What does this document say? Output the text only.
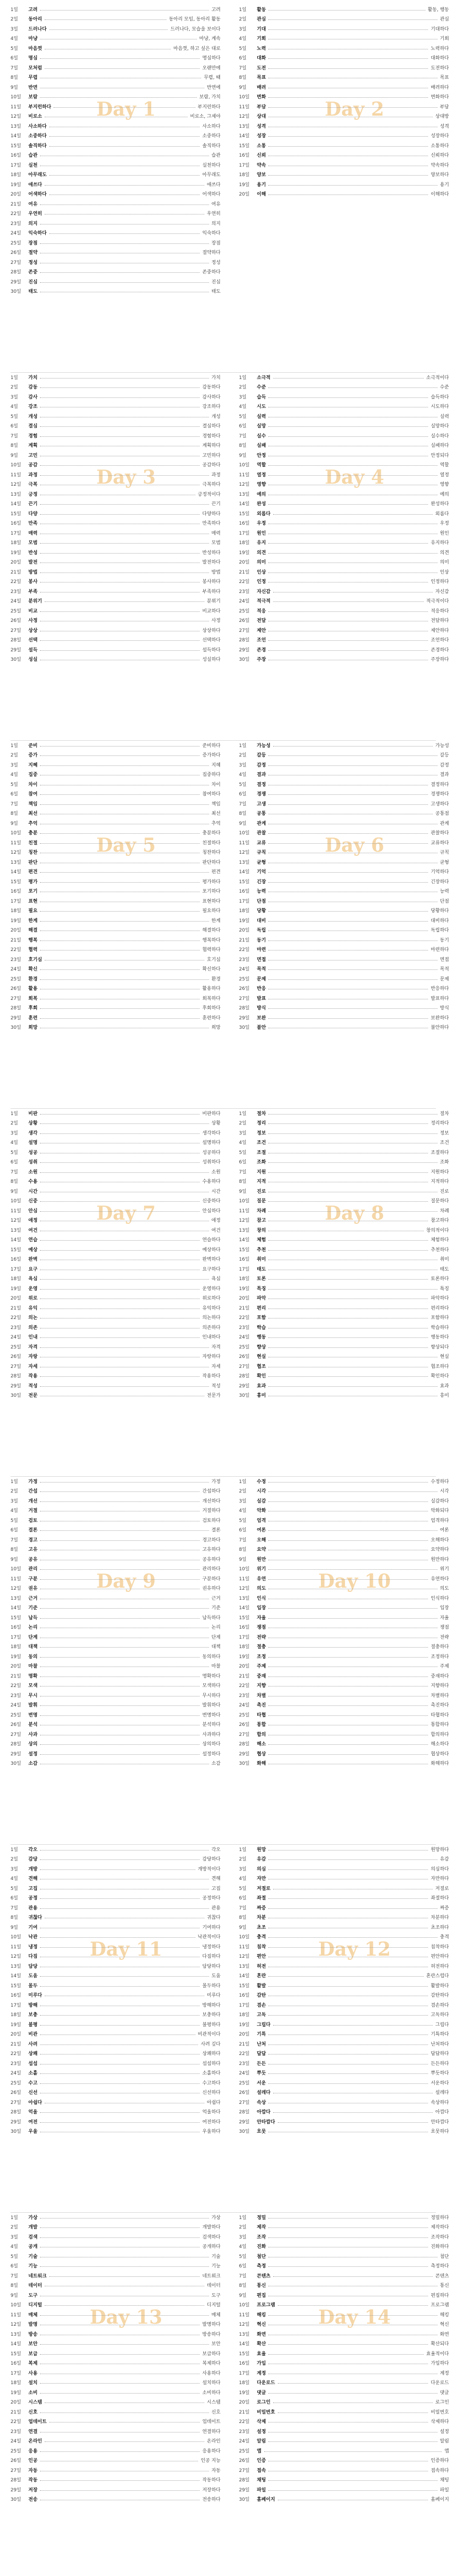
Day 1
1일	고려	고려
2일	동아리	동아리 모임, 동아리 활동
3일	드러나다	드러나다, 모습을 보이다
4일	마냥	마냥, 계속
5일	마음껏	마음껏, 하고 싶은 대로
6일	명심	명심하다
7일	모처럼	오랜만에
8일	무렵	무렵, 때
9일	반면	반면에
10일	보람	보람, 가치
11일	부지런하다	부지런하다
12일	비로소	비로소, 그제야
13일	사소하다	사소하다
14일	소중하다	소중하다
15일	솔직하다	솔직하다
16일	습관	습관
17일	실천	실천하다
18일	아무래도	아무래도
19일	애쓰다	애쓰다
20일	어색하다	어색하다
21일	여유	여유
22일	우연히	우연히
23일	의지	의지
24일	익숙하다	익숙하다
25일	장점	장점
26일	절약	절약하다
27일	정성	정성
28일	존중	존중하다
29일	진심	진심
30일	태도	태도
Day 2
1일	활동	활동, 행동
2일	관심	관심
3일	기대	기대하다
4일	기회	기회
5일	노력	노력하다
6일	대화	대화하다
7일	도전	도전하다
8일	목표	목표
9일	배려	배려하다
10일	변화	변화하다
11일	부담	부담
12일	상대	상대방
13일	성격	성격
14일	성장	성장하다
15일	소통	소통하다
16일	신뢰	신뢰하다
17일	약속	약속하다
18일	양보	양보하다
19일	용기	용기
20일	이해	이해하다
Day 3
1일	가치	가치
2일	감동	감동하다
3일	감사	감사하다
4일	강조	강조하다
5일	개성	개성
6일	결심	결심하다
7일	경험	경험하다
8일	계획	계획하다
9일	고민	고민하다
10일	공감	공감하다
11일	과정	과정
12일	극복	극복하다
13일	긍정	긍정적이다
14일	끈기	끈기
15일	다양	다양하다
16일	만족	만족하다
17일	매력	매력
18일	모범	모범
19일	반성	반성하다
20일	발전	발전하다
21일	방법	방법
22일	봉사	봉사하다
23일	부족	부족하다
24일	분위기	분위기
25일	비교	비교하다
26일	사정	사정
27일	상상	상상하다
28일	선택	선택하다
29일	설득	설득하다
30일	성실	성실하다
Day 4
1일	소극적	소극적이다
2일	수준	수준
3일	습득	습득하다
4일	시도	시도하다
5일	실력	실력
6일	실망	실망하다
7일	실수	실수하다
8일	실패	실패하다
9일	안정	안정되다
10일	역할	역할
11일	열정	열정
12일	영향	영향
13일	예의	예의
14일	완성	완성하다
15일	외롭다	외롭다
16일	우정	우정
17일	원인	원인
18일	유지	유지하다
19일	의견	의견
20일	의미	의미
21일	인상	인상
22일	인정	인정하다
23일	자신감	자신감
24일	적극적	적극적이다
25일	적응	적응하다
26일	전달	전달하다
27일	제안	제안하다
28일	조언	조언하다
29일	존경	존경하다
30일	주장	주장하다
Day 5
1일	준비	준비하다
2일	증가	증가하다
3일	지혜	지혜
4일	집중	집중하다
5일	차이	차이
6일	참여	참여하다
7일	책임	책임
8일	최선	최선
9일	추억	추억
10일	충분	충분하다
11일	친절	친절하다
12일	칭찬	칭찬하다
13일	판단	판단하다
14일	편견	편견
15일	평가	평가하다
16일	포기	포기하다
17일	표현	표현하다
18일	필요	필요하다
19일	한계	한계
20일	해결	해결하다
21일	행복	행복하다
22일	협력	협력하다
23일	호기심	호기심
24일	확신	확신하다
25일	환경	환경
26일	활용	활용하다
27일	회복	회복하다
28일	후회	후회하다
29일	훈련	훈련하다
30일	희망	희망
Day 6
1일	가능성	가능성
2일	갈등	갈등
3일	감정	감정
4일	결과	결과
5일	결정	결정하다
6일	경쟁	경쟁하다
7일	고생	고생하다
8일	공통	공통점
9일	관계	관계
10일	관찰	관찰하다
11일	교류	교류하다
12일	규칙	규칙
13일	균형	균형
14일	기억	기억하다
15일	긴장	긴장하다
16일	능력	능력
17일	단점	단점
18일	당황	당황하다
19일	대비	대비하다
20일	독립	독립하다
21일	동기	동기
22일	마련	마련하다
23일	면접	면접
24일	목적	목적
25일	문제	문제
26일	반응	반응하다
27일	발표	발표하다
28일	방식	방식
29일	보완	보완하다
30일	불안	불안하다
Day 7
1일	비판	비판하다
2일	상황	상황
3일	생각	생각하다
4일	설명	설명하다
5일	성공	성공하다
6일	성취	성취하다
7일	소원	소원
8일	수용	수용하다
9일	시간	시간
10일	신중	신중하다
11일	안심	안심하다
12일	애정	애정
13일	여건	여건
14일	연습	연습하다
15일	예상	예상하다
16일	완벽	완벽하다
17일	요구	요구하다
18일	욕심	욕심
19일	운영	운영하다
20일	위로	위로하다
21일	유익	유익하다
22일	의논	의논하다
23일	의존	의존하다
24일	인내	인내하다
25일	자격	자격
26일	자랑	자랑하다
27일	자세	자세
28일	작용	작용하다
29일	적성	적성
30일	전문	전문가
Day 8
1일	절차	절차
2일	정리	정리하다
3일	정보	정보
4일	조건	조건
5일	조절	조절하다
6일	조화	조화
7일	지원	지원하다
8일	지적	지적하다
9일	진로	진로
10일	질문	질문하다
11일	차례	차례
12일	참고	참고하다
13일	창의	창의적이다
14일	체험	체험하다
15일	추천	추천하다
16일	취미	취미
17일	태도	태도
18일	토론	토론하다
19일	특징	특징
20일	파악	파악하다
21일	편리	편리하다
22일	포함	포함하다
23일	학습	학습하다
24일	행동	행동하다
25일	향상	향상되다
26일	현실	현실
27일	협조	협조하다
28일	확인	확인하다
29일	효과	효과
30일	흥미	흥미
Day 9
1일	가정	가정
2일	간섭	간섭하다
3일	개선	개선하다
4일	거절	거절하다
5일	검토	검토하다
6일	결론	결론
7일	경고	경고하다
8일	고유	고유하다
9일	공유	공유하다
10일	관리	관리하다
11일	구분	구분하다
12일	권유	권유하다
13일	근거	근거
14일	기준	기준
15일	납득	납득하다
16일	논리	논리
17일	단계	단계
18일	대책	대책
19일	동의	동의하다
20일	마찰	마찰
21일	명확	명확하다
22일	모색	모색하다
23일	무시	무시하다
24일	발휘	발휘하다
25일	변명	변명하다
26일	분석	분석하다
27일	사과	사과하다
28일	상의	상의하다
29일	설정	설정하다
30일	소감	소감
Day 10
1일	수정	수정하다
2일	시각	시각
3일	실감	실감하다
4일	악화	악화되다
5일	엄격	엄격하다
6일	여론	여론
7일	오해	오해하다
8일	요약	요약하다
9일	원만	원만하다
10일	위기	위기
11일	유연	유연하다
12일	의도	의도
13일	인식	인식하다
14일	입장	입장
15일	자율	자율
16일	쟁점	쟁점
17일	전략	전략
18일	절충	절충하다
19일	조정	조정하다
20일	주제	주제
21일	중재	중재하다
22일	지향	지향하다
23일	차별	차별하다
24일	촉진	촉진하다
25일	타협	타협하다
26일	통합	통합하다
27일	합의	합의하다
28일	해소	해소하다
29일	협상	협상하다
30일	화해	화해하다
Day 11
1일	각오	각오
2일	감당	감당하다
3일	개방	개방적이다
4일	견해	견해
5일	고집	고집
6일	공정	공정하다
7일	관용	관용
8일	귀찮다	귀찮다
9일	기여	기여하다
10일	낙관	낙관적이다
11일	냉정	냉정하다
12일	다짐	다짐하다
13일	담당	담당하다
14일	도움	도움
15일	몰두	몰두하다
16일	미루다	미루다
17일	방해	방해하다
18일	보충	보충하다
19일	불평	불평하다
20일	비관	비관적이다
21일	사려	사려 깊다
22일	상쾌	상쾌하다
23일	섭섭	섭섭하다
24일	소홀	소홀하다
25일	수고	수고하다
26일	신선	신선하다
27일	아쉽다	아쉽다
28일	억울	억울하다
29일	여전	여전하다
30일	우울	우울하다
Day 12
1일	원망	원망하다
2일	유감	유감
3일	의심	의심하다
4일	자만	자만하다
5일	저절로	저절로
6일	좌절	좌절하다
7일	짜증	짜증
8일	차분	차분하다
9일	초조	초조하다
10일	충격	충격
11일	침착	침착하다
12일	편안	편안하다
13일	허전	허전하다
14일	혼란	혼란스럽다
15일	활발	활발하다
16일	감탄	감탄하다
17일	겸손	겸손하다
18일	고독	고독하다
19일	그립다	그립다
20일	기특	기특하다
21일	난처	난처하다
22일	답답	답답하다
23일	든든	든든하다
24일	뿌듯	뿌듯하다
25일	서운	서운하다
26일	설레다	설레다
27일	속상	속상하다
28일	아깝다	아깝다
29일	안타깝다	안타깝다
30일	흐뭇	흐뭇하다
Day 13
1일	가상	가상
2일	개발	개발하다
3일	검색	검색하다
4일	공개	공개하다
5일	기술	기술
6일	기능	기능
7일	네트워크	네트워크
8일	데이터	데이터
9일	도구	도구
10일	디지털	디지털
11일	매체	매체
12일	발명	발명하다
13일	방송	방송하다
14일	보안	보안
15일	보급	보급하다
16일	복제	복제하다
17일	사용	사용하다
18일	설치	설치하다
19일	소비	소비하다
20일	시스템	시스템
21일	신호	신호
22일	업데이트	업데이트
23일	연결	연결하다
24일	온라인	온라인
25일	응용	응용하다
26일	인공	인공 지능
27일	자동	자동
28일	작동	작동하다
29일	저장	저장하다
30일	전송	전송하다
Day 14
1일	정밀	정밀하다
2일	제작	제작하다
3일	조작	조작하다
4일	진화	진화하다
5일	첨단	첨단
6일	측정	측정하다
7일	콘텐츠	콘텐츠
8일	통신	통신
9일	편집	편집하다
10일	프로그램	프로그램
11일	해킹	해킹
12일	혁신	혁신
13일	화면	화면
14일	확산	확산되다
15일	효율	효율적이다
16일	가입	가입하다
17일	계정	계정
18일	다운로드	다운로드
19일	댓글	댓글
20일	로그인	로그인
21일	비밀번호	비밀번호
22일	삭제	삭제하다
23일	설정	설정
24일	알림	알림
25일	앱	앱
26일	인증	인증하다
27일	접속	접속하다
28일	채팅	채팅
29일	파일	파일
30일	홈페이지	홈페이지
